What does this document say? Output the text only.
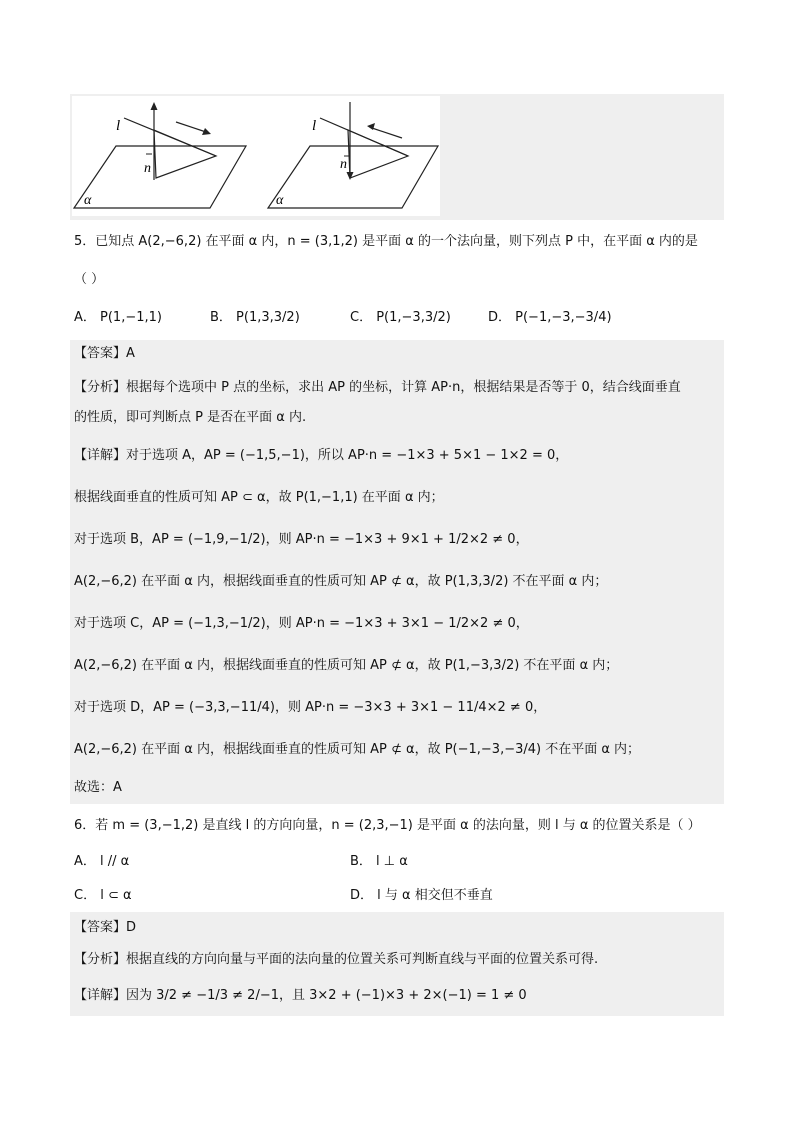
l
n
α
l
n
α
5．已知点 A(2,−6,2) 在平面 α 内，n = (3,1,2) 是平面 α 的一个法向量，则下列点 P 中，在平面 α 内的是
（ ）
A． P(1,−1,1)	B． P(1,3,3/2)	C． P(1,−3,3/2)	D． P(−1,−3,−3/4)
【答案】A
【分析】根据每个选项中 P 点的坐标，求出 AP 的坐标，计算 AP·n，根据结果是否等于 0，结合线面垂直
的性质，即可判断点 P 是否在平面 α 内.
【详解】对于选项 A，AP = (−1,5,−1)，所以 AP·n = −1×3 + 5×1 − 1×2 = 0，
根据线面垂直的性质可知 AP ⊂ α，故 P(1,−1,1) 在平面 α 内；
对于选项 B，AP = (−1,9,−1/2)，则 AP·n = −1×3 + 9×1 + 1/2×2 ≠ 0，
A(2,−6,2) 在平面 α 内，根据线面垂直的性质可知 AP ⊄ α，故 P(1,3,3/2) 不在平面 α 内；
对于选项 C，AP = (−1,3,−1/2)，则 AP·n = −1×3 + 3×1 − 1/2×2 ≠ 0，
A(2,−6,2) 在平面 α 内，根据线面垂直的性质可知 AP ⊄ α，故 P(1,−3,3/2) 不在平面 α 内；
对于选项 D，AP = (−3,3,−11/4)，则 AP·n = −3×3 + 3×1 − 11/4×2 ≠ 0，
A(2,−6,2) 在平面 α 内，根据线面垂直的性质可知 AP ⊄ α，故 P(−1,−3,−3/4) 不在平面 α 内；
故选：A
6．若 m = (3,−1,2) 是直线 l 的方向向量，n = (2,3,−1) 是平面 α 的法向量，则 l 与 α 的位置关系是（ ）
A． l // α	B． l ⊥ α
C． l ⊂ α	D． l 与 α 相交但不垂直
【答案】D
【分析】根据直线的方向向量与平面的法向量的位置关系可判断直线与平面的位置关系可得.
【详解】因为 3/2 ≠ −1/3 ≠ 2/−1，且 3×2 + (−1)×3 + 2×(−1) = 1 ≠ 0
